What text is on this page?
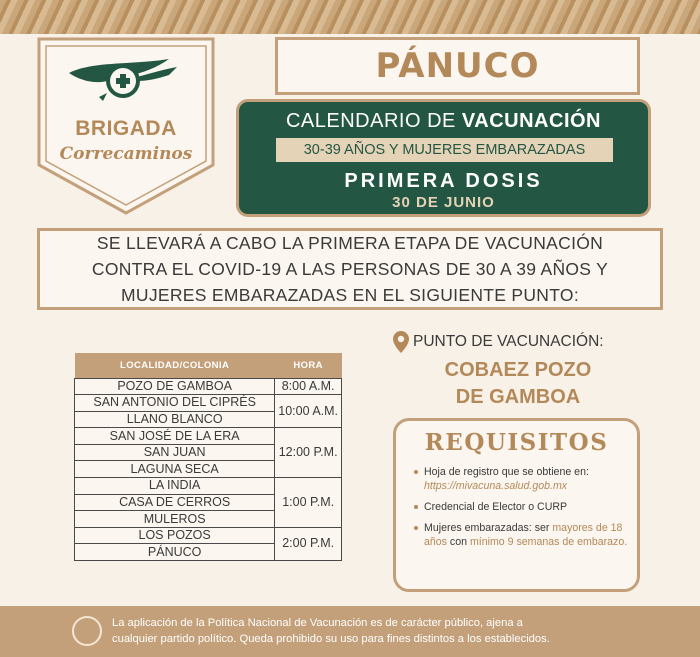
BRIGADA
Correcaminos
PÁNUCO
CALENDARIO DE VACUNACIÓN
30-39 AÑOS Y MUJERES EMBARAZADAS
PRIMERA DOSIS
30 DE JUNIO

SE LLEVARÁ A CABO LA PRIMERA ETAPA DE VACUNACIÓN
CONTRA EL COVID-19 A LAS PERSONAS DE 30 A 39 AÑOS Y
MUJERES EMBARAZADAS EN EL SIGUIENTE PUNTO:

LOCALIDAD/COLONIA	HORA
POZO DE GAMBOA	8:00 A.M.
SAN ANTONIO DEL CIPRÉS	10:00 A.M.
LLANO BLANCO	
SAN JOSÉ DE LA ERA	12:00 P.M.
SAN JUAN	
LAGUNA SECA	
LA INDIA	1:00 P.M.
CASA DE CERROS	
MULEROS	
LOS POZOS	2:00 P.M.
PÁNUCO	
PUNTO DE VACUNACIÓN:
COBAEZ POZO
DE GAMBOA
REQUISITOS
Hoja de registro que se obtiene en: https://mivacuna.salud.gob.mx
Credencial de Elector o CURP
Mujeres embarazadas: ser mayores de 18 años con mínimo 9 semanas de embarazo.

La aplicación de la Política Nacional de Vacunación es de carácter público, ajena a
cualquier partido político. Queda prohibido su uso para fines distintos a los establecidos.
